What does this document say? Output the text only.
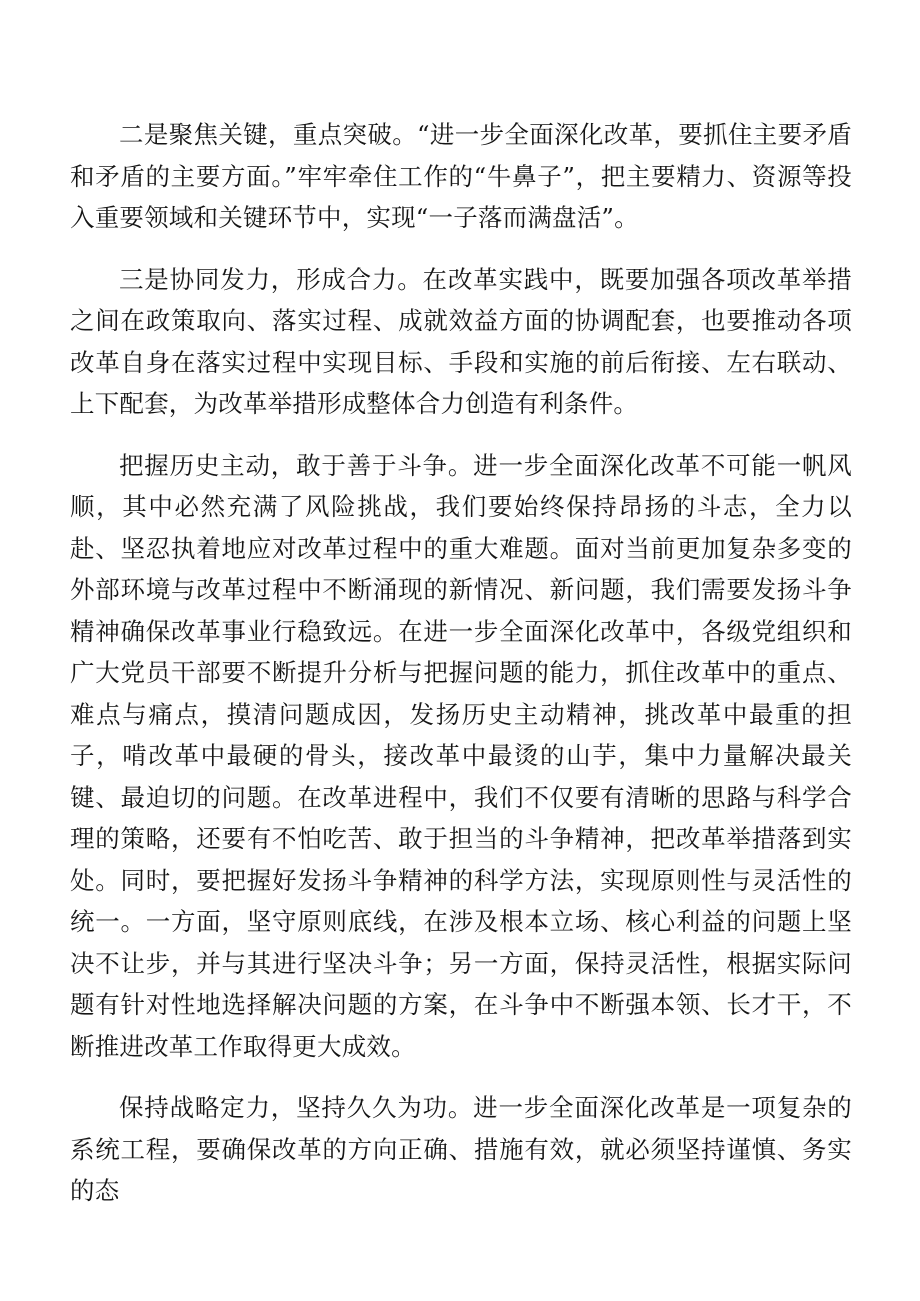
二是聚焦关键，重点突破。“进一步全面深化改革，要抓住主要矛盾和矛盾的主要方面。”牢牢牵住工作的“牛鼻子”，把主要精力、资源等投入重要领域和关键环节中，实现“一子落而满盘活”。

三是协同发力，形成合力。在改革实践中，既要加强各项改革举措之间在政策取向、落实过程、成就效益方面的协调配套，也要推动各项改革自身在落实过程中实现目标、手段和实施的前后衔接、左右联动、上下配套，为改革举措形成整体合力创造有利条件。

把握历史主动，敢于善于斗争。进一步全面深化改革不可能一帆风顺，其中必然充满了风险挑战，我们要始终保持昂扬的斗志，全力以赴、坚忍执着地应对改革过程中的重大难题。面对当前更加复杂多变的外部环境与改革过程中不断涌现的新情况、新问题，我们需要发扬斗争精神确保改革事业行稳致远。在进一步全面深化改革中，各级党组织和广大党员干部要不断提升分析与把握问题的能力，抓住改革中的重点、难点与痛点，摸清问题成因，发扬历史主动精神，挑改革中最重的担子，啃改革中最硬的骨头，接改革中最烫的山芋，集中力量解决最关键、最迫切的问题。在改革进程中，我们不仅要有清晰的思路与科学合理的策略，还要有不怕吃苦、敢于担当的斗争精神，把改革举措落到实处。同时，要把握好发扬斗争精神的科学方法，实现原则性与灵活性的统一。一方面，坚守原则底线，在涉及根本立场、核心利益的问题上坚决不让步，并与其进行坚决斗争；另一方面，保持灵活性，根据实际问题有针对性地选择解决问题的方案，在斗争中不断强本领、长才干，不断推进改革工作取得更大成效。

保持战略定力，坚持久久为功。进一步全面深化改革是一项复杂的系统工程，要确保改革的方向正确、措施有效，就必须坚持谨慎、务实的态
